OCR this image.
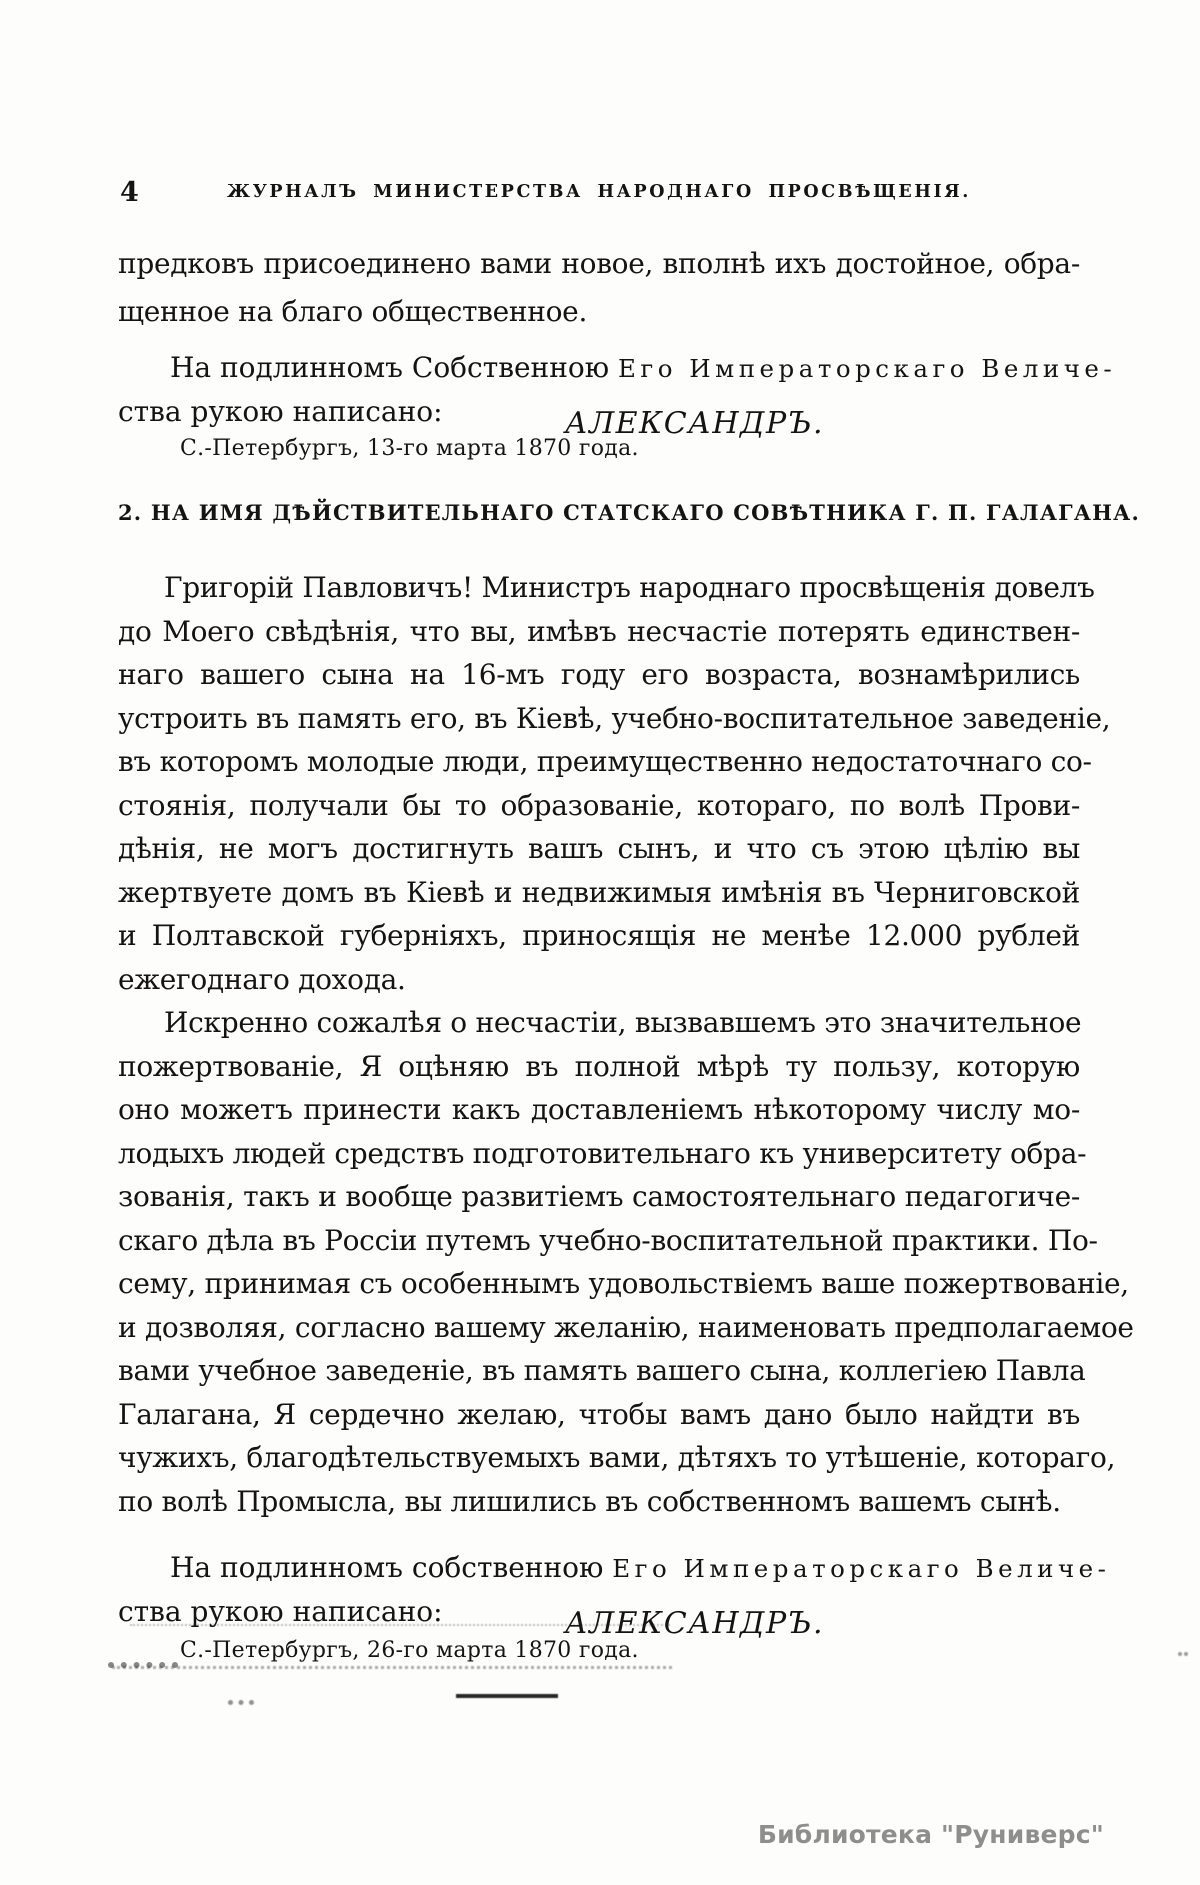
4	ЖУРНАЛЪ МИНИСТЕРСТВА НАРОДНАГО ПРОСВѢЩЕНІЯ.
предковъ присоединено вами новое, вполнѣ ихъ достойное, обра-
щенное на благо общественное.
На подлинномъ Собственною Его Императорскаго Величе-
ства рукою написано:	АЛЕКСАНДРЪ.
С.-Петербургъ, 13-го марта 1870 года.
2. НА ИМЯ ДѢЙСТВИТЕЛЬНАГО СТАТСКАГО СОВѢТНИКА Г. П. ГАЛАГАНА.
Григорій Павловичъ! Министръ народнаго просвѣщенія довелъ
до Моего свѣдѣнія, что вы, имѣвъ несчастіе потерять единствен-
наго вашего сына на 16-мъ году его возраста, вознамѣрились
устроить въ память его, въ Кіевѣ, учебно-воспитательное заведеніе,
въ которомъ молодые люди, преимущественно недостаточнаго со-
стоянія, получали бы то образованіе, котораго, по волѣ Прови-
дѣнія, не могъ достигнуть вашъ сынъ, и что съ этою цѣлію вы
жертвуете домъ въ Кіевѣ и недвижимыя имѣнія въ Черниговской
и Полтавской губерніяхъ, приносящія не менѣе 12.000 рублей
ежегоднаго дохода.
Искренно сожалѣя о несчастіи, вызвавшемъ это значительное
пожертвованіе, Я оцѣняю въ полной мѣрѣ ту пользу, которую
оно можетъ принести какъ доставленіемъ нѣкоторому числу мо-
лодыхъ людей средствъ подготовительнаго къ университету обра-
зованія, такъ и вообще развитіемъ самостоятельнаго педагогиче-
скаго дѣла въ Россіи путемъ учебно-воспитательной практики. По-
сему, принимая съ особеннымъ удовольствіемъ ваше пожертвованіе,
и дозволяя, согласно вашему желанію, наименовать предполагаемое
вами учебное заведеніе, въ память вашего сына, коллегіею Павла
Галагана, Я сердечно желаю, чтобы вамъ дано было найдти въ
чужихъ, благодѣтельствуемыхъ вами, дѣтяхъ то утѣшеніе, котораго,
по волѣ Промысла, вы лишились въ собственномъ вашемъ сынѣ.
На подлинномъ собственною Его Императорскаго Величе-
ства рукою написано:	АЛЕКСАНДРЪ.
С.-Петербургъ, 26-го марта 1870 года.
Библиотека "Руниверс"
